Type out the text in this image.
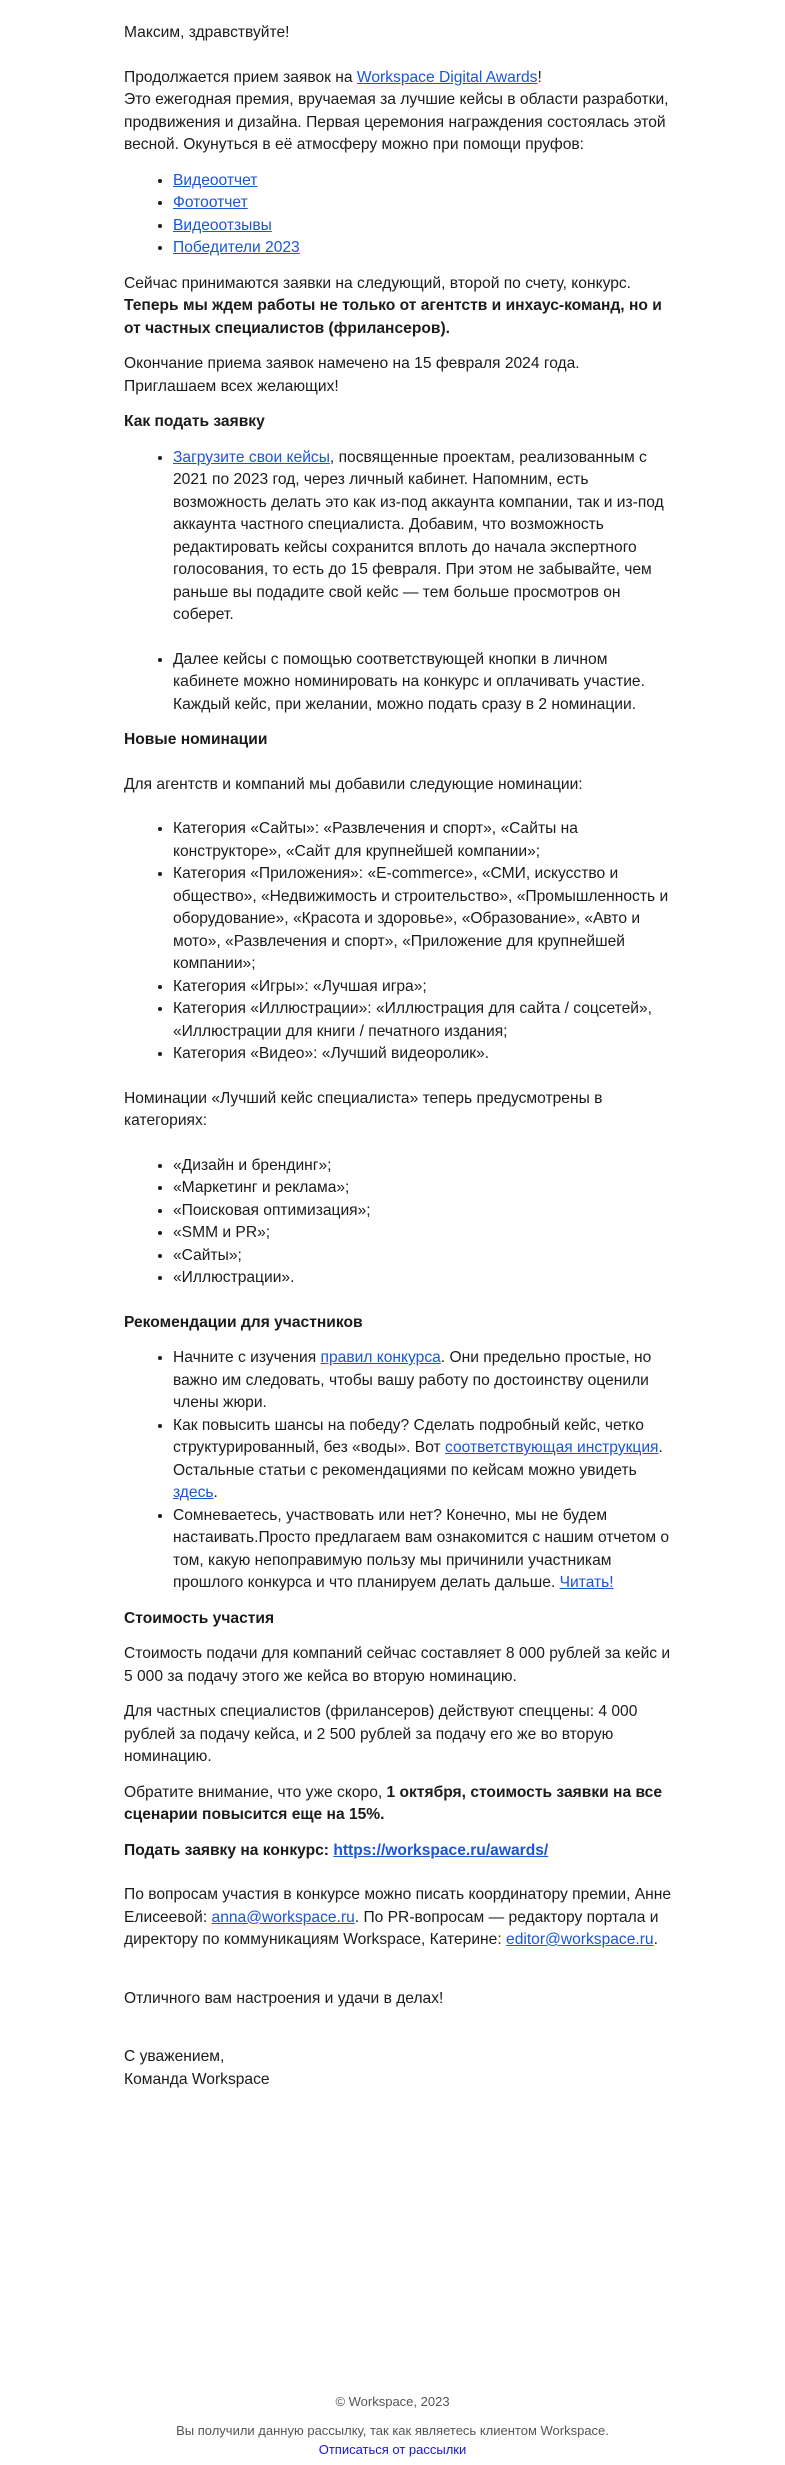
Максим, здравствуйте!

Продолжается прием заявок на Workspace Digital Awards!
Это ежегодная премия, вручаемая за лучшие кейсы в области разработки, продвижения и дизайна. Первая церемония награждения состоялась этой весной. Окунуться в её атмосферу можно при помощи пруфов:

• Видеоотчет
• Фотоотчет
• Видеоотзывы
• Победители 2023

Сейчас принимаются заявки на следующий, второй по счету, конкурс.
Теперь мы ждем работы не только от агентств и инхаус-команд, но и от частных специалистов (фрилансеров).

Окончание приема заявок намечено на 15 февраля 2024 года.
Приглашаем всех желающих!

Как подать заявку
• Загрузите свои кейсы, посвященные проектам, реализованным с 2021 по 2023 год, через личный кабинет. Напомним, есть возможность делать это как из-под аккаунта компании, так и из-под аккаунта частного специалиста. Добавим, что возможность редактировать кейсы сохранится вплоть до начала экспертного голосования, то есть до 15 февраля. При этом не забывайте, чем раньше вы подадите свой кейс — тем больше просмотров он соберет.
• Далее кейсы с помощью соответствующей кнопки в личном кабинете можно номинировать на конкурс и оплачивать участие. Каждый кейс, при желании, можно подать сразу в 2 номинации.
Новые номинации

Для агентств и компаний мы добавили следующие номинации:

• Категория «Сайты»: «Развлечения и спорт», «Сайты на конструкторе», «Сайт для крупнейшей компании»;
• Категория «Приложения»: «E-commerce», «СМИ, искусство и общество», «Недвижимость и строительство», «Промышленность и оборудование», «Красота и здоровье», «Образование», «Авто и мото», «Развлечения и спорт», «Приложение для крупнейшей компании»;
• Категория «Игры»: «Лучшая игра»;
• Категория «Иллюстрации»: «Иллюстрация для сайта / соцсетей», «Иллюстрации для книги / печатного издания;
• Категория «Видео»: «Лучший видеоролик».

Номинации «Лучший кейс специалиста» теперь предусмотрены в категориях:

• «Дизайн и брендинг»;
• «Маркетинг и реклама»;
• «Поисковая оптимизация»;
• «SMM и PR»;
• «Сайты»;
• «Иллюстрации».
Рекомендации для участников
• Начните с изучения правил конкурса. Они предельно простые, но важно им следовать, чтобы вашу работу по достоинству оценили члены жюри.
• Как повысить шансы на победу? Сделать подробный кейс, четко структурированный, без «воды». Вот соответствующая инструкция. Остальные статьи с рекомендациями по кейсам можно увидеть здесь.
• Сомневаетесь, участвовать или нет? Конечно, мы не будем настаивать.Просто предлагаем вам ознакомится с нашим отчетом о том, какую непоправимую пользу мы причинили участникам прошлого конкурса и что планируем делать дальше. Читать!
Стоимость участия

Стоимость подачи для компаний сейчас составляет 8 000 рублей за кейс и 5 000 за подачу этого же кейса во вторую номинацию.

Для частных специалистов (фрилансеров) действуют спеццены: 4 000 рублей за подачу кейса, и 2 500 рублей за подачу его же во вторую номинацию.

Обратите внимание, что уже скоро, 1 октября, стоимость заявки на все сценарии повысится еще на 15%.

Подать заявку на конкурс: https://workspace.ru/awards/

По вопросам участия в конкурсе можно писать координатору премии, Анне Елисеевой: anna@workspace.ru. По PR-вопросам — редактору портала и директору по коммуникациям Workspace, Катерине: editor@workspace.ru.

Отличного вам настроения и удачи в делах!

С уважением,
Команда Workspace

© Workspace, 2023
Вы получили данную рассылку, так как являетесь клиентом Workspace.
Отписаться от рассылки
